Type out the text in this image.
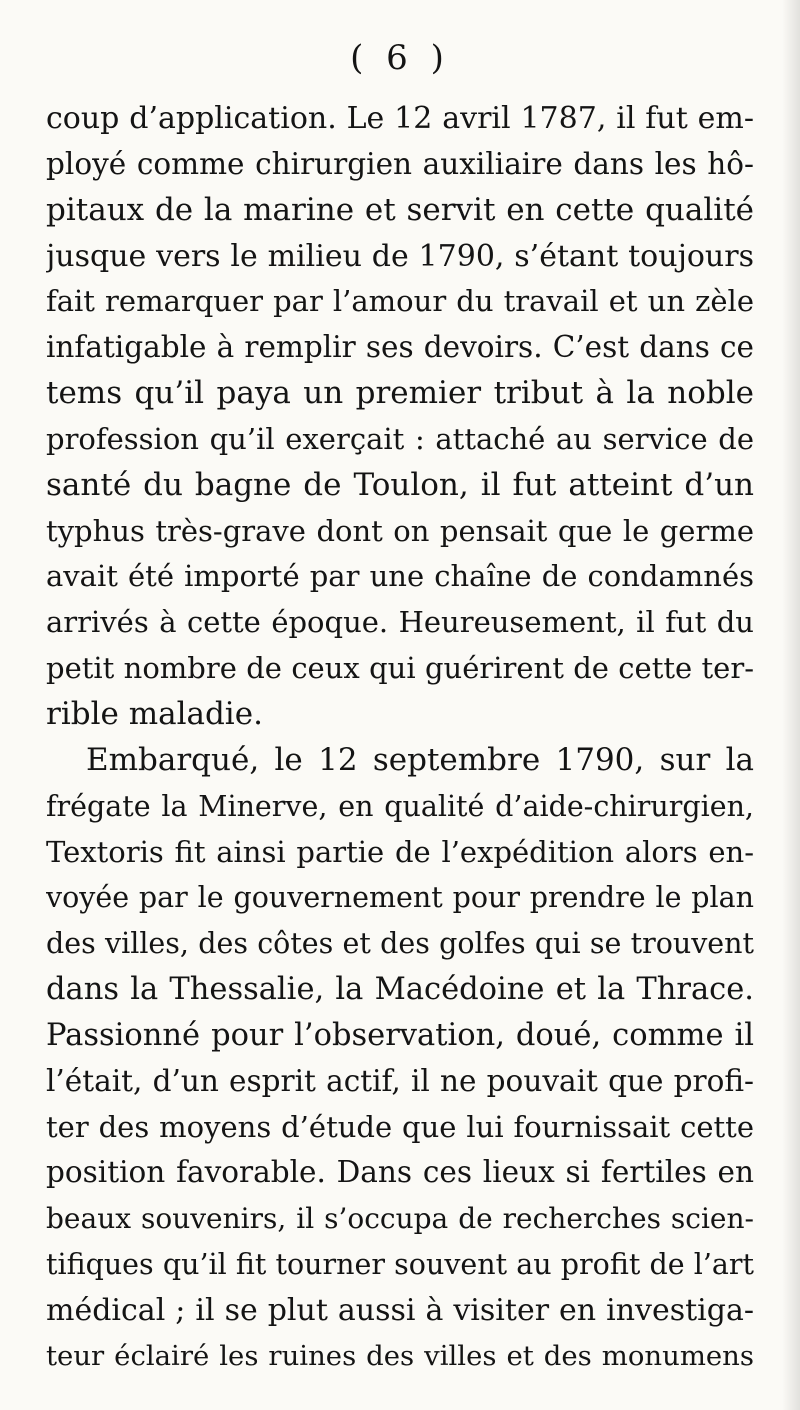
( 6 )
coup d’application. Le 12 avril 1787, il fut em-
ployé comme chirurgien auxiliaire dans les hô-
pitaux de la marine et servit en cette qualité
jusque vers le milieu de 1790, s’étant toujours
fait remarquer par l’amour du travail et un zèle
infatigable à remplir ses devoirs. C’est dans ce
tems qu’il paya un premier tribut à la noble
profession qu’il exerçait : attaché au service de
santé du bagne de Toulon, il fut atteint d’un
typhus très-grave dont on pensait que le germe
avait été importé par une chaîne de condamnés
arrivés à cette époque. Heureusement, il fut du
petit nombre de ceux qui guérirent de cette ter-
rible maladie.
Embarqué, le 12 septembre 1790, sur la
frégate la Minerve, en qualité d’aide-chirurgien,
Textoris fit ainsi partie de l’expédition alors en-
voyée par le gouvernement pour prendre le plan
des villes, des côtes et des golfes qui se trouvent
dans la Thessalie, la Macédoine et la Thrace.
Passionné pour l’observation, doué, comme il
l’était, d’un esprit actif, il ne pouvait que profi-
ter des moyens d’étude que lui fournissait cette
position favorable. Dans ces lieux si fertiles en
beaux souvenirs, il s’occupa de recherches scien-
tifiques qu’il fit tourner souvent au profit de l’art
médical ; il se plut aussi à visiter en investiga-
teur éclairé les ruines des villes et des monumens
